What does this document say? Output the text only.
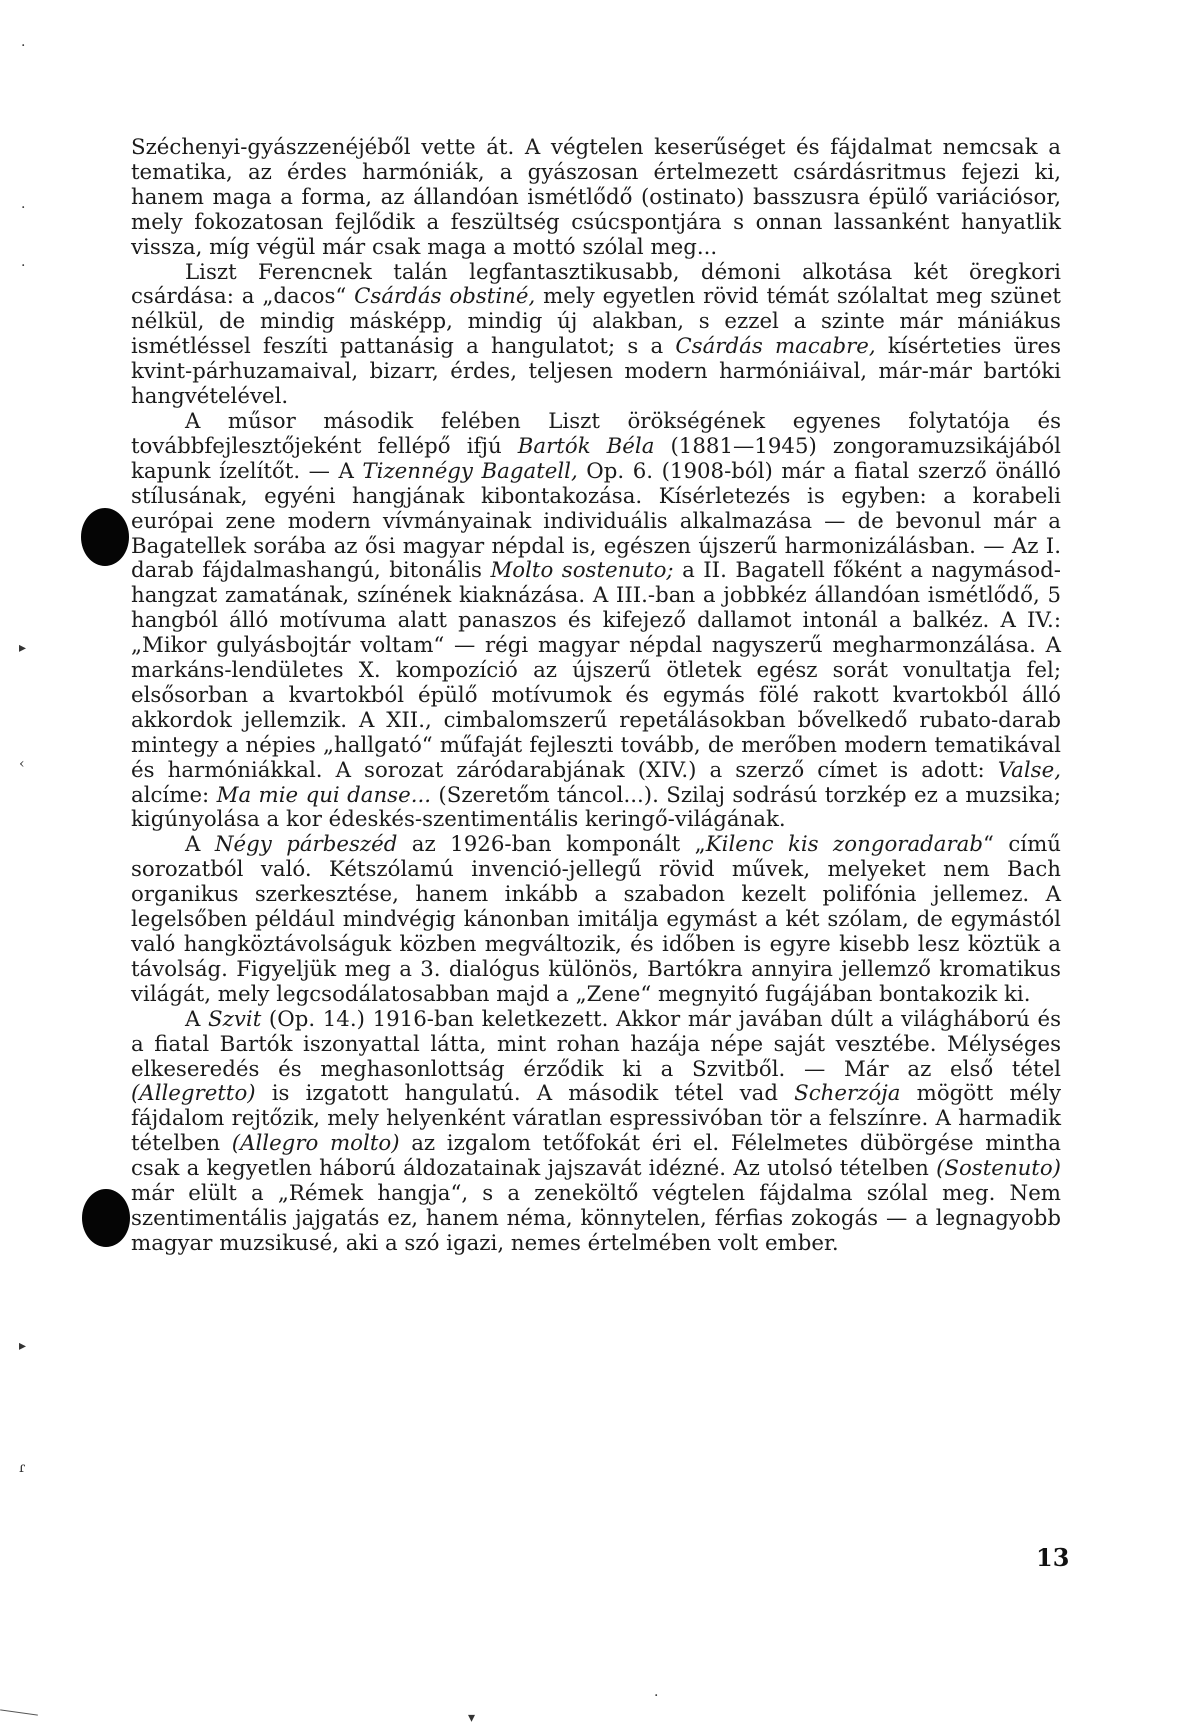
·
·
·
▸
‹
▸
ɾ
·
▾

Széchenyi-gyászzenéjéből vette át. A végtelen keserűséget és fájdalmat nemcsak a tematika, az érdes harmóniák, a gyászosan értelmezett csárdásritmus fejezi ki, hanem maga a forma, az állandóan ismétlődő (ostinato) basszusra épülő variációsor, mely fokozatosan fejlődik a feszültség csúcspontjára s onnan lassanként hanyatlik vissza, míg végül már csak maga a mottó szólal meg...

Liszt Ferencnek talán legfantasztikusabb, démoni alkotása két öregkori csárdása: a „dacos“ Csárdás obstiné, mely egyetlen rövid témát szólaltat meg szünet nélkül, de mindig másképp, mindig új alakban, s ezzel a szinte már mániákus ismétléssel feszíti pattanásig a hangulatot; s a Csárdás macabre, kísérteties üres kvint-párhuzamaival, bizarr, érdes, teljesen modern harmóniáival, már-már bartóki hangvételével.

A műsor második felében Liszt örökségének egyenes folytatója és továbbfejlesztőjeként fellépő ifjú Bartók Béla (1881—1945) zongoramuzsikájából kapunk ízelítőt. — A Tizennégy Bagatell, Op. 6. (1908-ból) már a fiatal szerző önálló stílusának, egyéni hangjának kibontakozása. Kísérletezés is egyben: a korabeli európai zene modern vívmányainak individuális alkalmazása — de bevonul már a Bagatellek sorába az ősi magyar népdal is, egészen újszerű harmonizálásban. — Az I. darab fájdalmashangú, bitonális Molto sostenuto; a II. Bagatell főként a nagymásod-hangzat zamatának, színének kiaknázása. A III.-ban a jobbkéz állandóan ismétlődő, 5 hangból álló motívuma alatt panaszos és kifejező dallamot intonál a balkéz. A IV.: „Mikor gulyásbojtár voltam“ — régi magyar népdal nagyszerű megharmonzálása. A markáns-lendületes X. kompozíció az újszerű ötletek egész sorát vonultatja fel; elsősorban a kvartokból épülő motívumok és egymás fölé rakott kvartokból álló akkordok jellemzik. A XII., cimbalomszerű repetálásokban bővelkedő rubato-darab mintegy a népies „hallgató“ műfaját fejleszti tovább, de merőben modern tematikával és harmóniákkal. A sorozat záródarabjának (XIV.) a szerző címet is adott: Valse, alcíme: Ma mie qui danse... (Szeretőm táncol...). Szilaj sodrású torzkép ez a muzsika; kigúnyolása a kor édeskés-szentimentális keringő-világának.

A Négy párbeszéd az 1926-ban komponált „Kilenc kis zongoradarab“ című sorozatból való. Kétszólamú invenció-jellegű rövid művek, melyeket nem Bach organikus szerkesztése, hanem inkább a szabadon kezelt polifónia jellemez. A legelsőben például mindvégig kánonban imitálja egymást a két szólam, de egymástól való hangköztávolságuk közben megváltozik, és időben is egyre kisebb lesz köztük a távolság. Figyeljük meg a 3. dialógus különös, Bartókra annyira jellemző kromatikus világát, mely legcsodálatosabban majd a „Zene“ megnyitó fugájában bontakozik ki.

A Szvit (Op. 14.) 1916-ban keletkezett. Akkor már javában dúlt a világháború és a fiatal Bartók iszonyattal látta, mint rohan hazája népe saját vesztébe. Mélységes elkeseredés és meghasonlottság érződik ki a Szvitből. — Már az első tétel (Allegretto) is izgatott hangulatú. A második tétel vad Scherzója mögött mély fájdalom rejtőzik, mely helyenként váratlan espressivóban tör a felszínre. A harmadik tételben (Allegro molto) az izgalom tetőfokát éri el. Félelmetes dübörgése mintha csak a kegyetlen háború áldozatainak jajszavát idézné. Az utolsó tételben (Sostenuto) már elült a „Rémek hangja“, s a zeneköltő végtelen fájdalma szólal meg. Nem szentimentális jajgatás ez, hanem néma, könnytelen, férfias zokogás — a legnagyobb magyar muzsikusé, aki a szó igazi, nemes értelmében volt ember.

13
